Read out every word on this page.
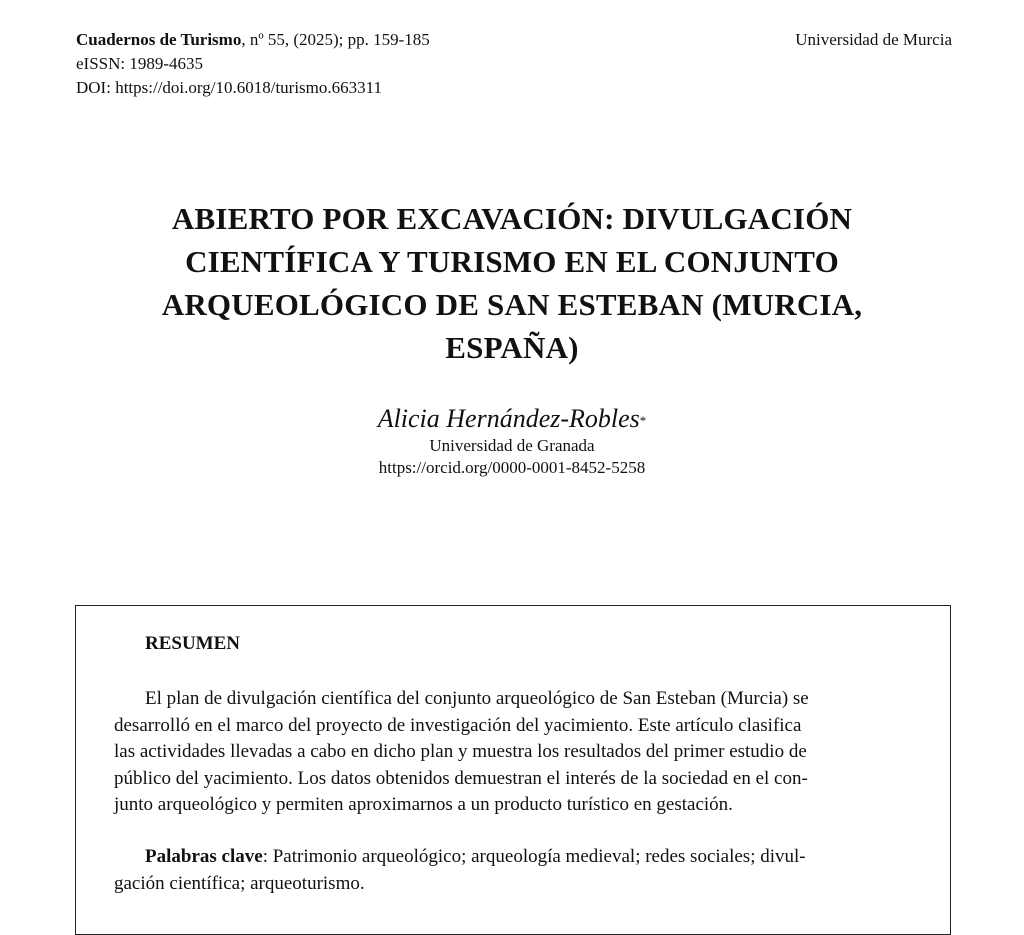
Cuadernos de Turismo, nº 55, (2025); pp. 159-185
eISSN: 1989-4635
DOI: https://doi.org/10.6018/turismo.663311
Universidad de Murcia
ABIERTO POR EXCAVACIÓN: DIVULGACIÓN
CIENTÍFICA Y TURISMO EN EL CONJUNTO
ARQUEOLÓGICO DE SAN ESTEBAN (MURCIA,
ESPAÑA)
Alicia Hernández-Robles*
Universidad de Granada
https://orcid.org/0000-0001-8452-5258
RESUMEN
El plan de divulgación científica del conjunto arqueológico de San Esteban (Murcia) se
desarrolló en el marco del proyecto de investigación del yacimiento. Este artículo clasifica
las actividades llevadas a cabo en dicho plan y muestra los resultados del primer estudio de
público del yacimiento. Los datos obtenidos demuestran el interés de la sociedad en el con-
junto arqueológico y permiten aproximarnos a un producto turístico en gestación.
Palabras clave: Patrimonio arqueológico; arqueología medieval; redes sociales; divul-
gación científica; arqueoturismo.
